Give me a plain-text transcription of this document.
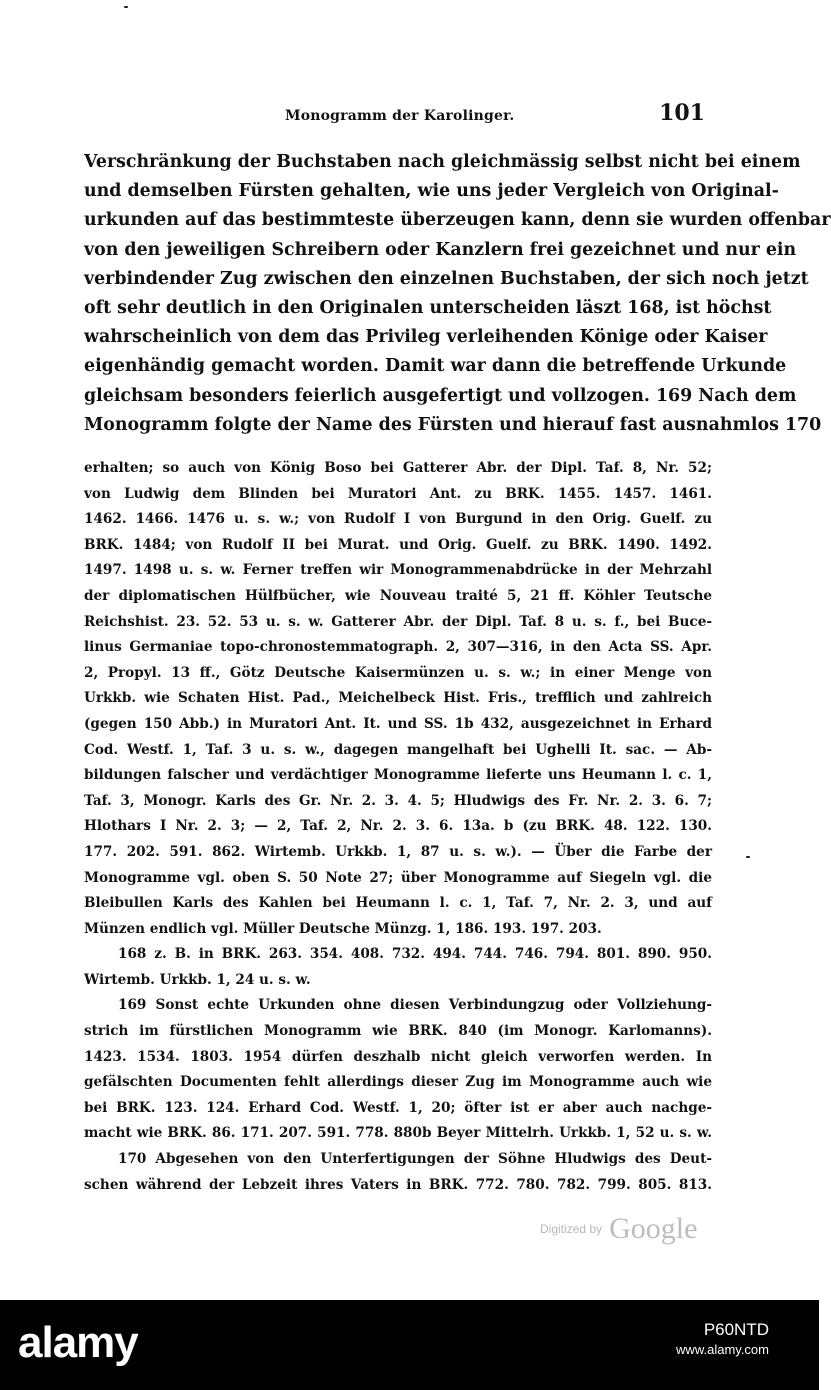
Monogramm der Karolinger.	101
Verschränkung der Buchstaben nach gleichmässig selbst nicht bei einem
und demselben Fürsten gehalten, wie uns jeder Vergleich von Original-
urkunden auf das bestimmteste überzeugen kann, denn sie wurden offenbar
von den jeweiligen Schreibern oder Kanzlern frei gezeichnet und nur ein
verbindender Zug zwischen den einzelnen Buchstaben, der sich noch jetzt
oft sehr deutlich in den Originalen unterscheiden läszt 168, ist höchst
wahrscheinlich von dem das Privileg verleihenden Könige oder Kaiser
eigenhändig gemacht worden. Damit war dann die betreffende Urkunde
gleichsam besonders feierlich ausgefertigt und vollzogen. 169 Nach dem
Monogramm folgte der Name des Fürsten und hierauf fast ausnahmlos 170
erhalten; so auch von König Boso bei Gatterer Abr. der Dipl. Taf. 8, Nr. 52;
von Ludwig dem Blinden bei Muratori Ant. zu BRK. 1455. 1457. 1461.
1462. 1466. 1476 u. s. w.; von Rudolf I von Burgund in den Orig. Guelf. zu
BRK. 1484; von Rudolf II bei Murat. und Orig. Guelf. zu BRK. 1490. 1492.
1497. 1498 u. s. w. Ferner treffen wir Monogrammenabdrücke in der Mehrzahl
der diplomatischen Hülfbücher, wie Nouveau traité 5, 21 ff. Köhler Teutsche
Reichshist. 23. 52. 53 u. s. w. Gatterer Abr. der Dipl. Taf. 8 u. s. f., bei Buce-
linus Germaniae topo-chronostemmatograph. 2, 307—316, in den Acta SS. Apr.
2, Propyl. 13 ff., Götz Deutsche Kaisermünzen u. s. w.; in einer Menge von
Urkkb. wie Schaten Hist. Pad., Meichelbeck Hist. Fris., trefflich und zahlreich
(gegen 150 Abb.) in Muratori Ant. It. und SS. 1b 432, ausgezeichnet in Erhard
Cod. Westf. 1, Taf. 3 u. s. w., dagegen mangelhaft bei Ughelli It. sac. — Ab-
bildungen falscher und verdächtiger Monogramme lieferte uns Heumann l. c. 1,
Taf. 3, Monogr. Karls des Gr. Nr. 2. 3. 4. 5; Hludwigs des Fr. Nr. 2. 3. 6. 7;
Hlothars I Nr. 2. 3; — 2, Taf. 2, Nr. 2. 3. 6. 13a. b (zu BRK. 48. 122. 130.
177. 202. 591. 862. Wirtemb. Urkkb. 1, 87 u. s. w.). — Über die Farbe der
Monogramme vgl. oben S. 50 Note 27; über Monogramme auf Siegeln vgl. die
Bleibullen Karls des Kahlen bei Heumann l. c. 1, Taf. 7, Nr. 2. 3, und auf
Münzen endlich vgl. Müller Deutsche Münzg. 1, 186. 193. 197. 203.
168 z. B. in BRK. 263. 354. 408. 732. 494. 744. 746. 794. 801. 890. 950.
Wirtemb. Urkkb. 1, 24 u. s. w.
169 Sonst echte Urkunden ohne diesen Verbindungzug oder Vollziehung-
strich im fürstlichen Monogramm wie BRK. 840 (im Monogr. Karlomanns).
1423. 1534. 1803. 1954 dürfen deszhalb nicht gleich verworfen werden. In
gefälschten Documenten fehlt allerdings dieser Zug im Monogramme auch wie
bei BRK. 123. 124. Erhard Cod. Westf. 1, 20; öfter ist er aber auch nachge-
macht wie BRK. 86. 171. 207. 591. 778. 880b Beyer Mittelrh. Urkkb. 1, 52 u. s. w.
170 Abgesehen von den Unterfertigungen der Söhne Hludwigs des Deut-
schen während der Lebzeit ihres Vaters in BRK. 772. 780. 782. 799. 805. 813.
Digitized by Google
alamy	P60NTD
www.alamy.com
